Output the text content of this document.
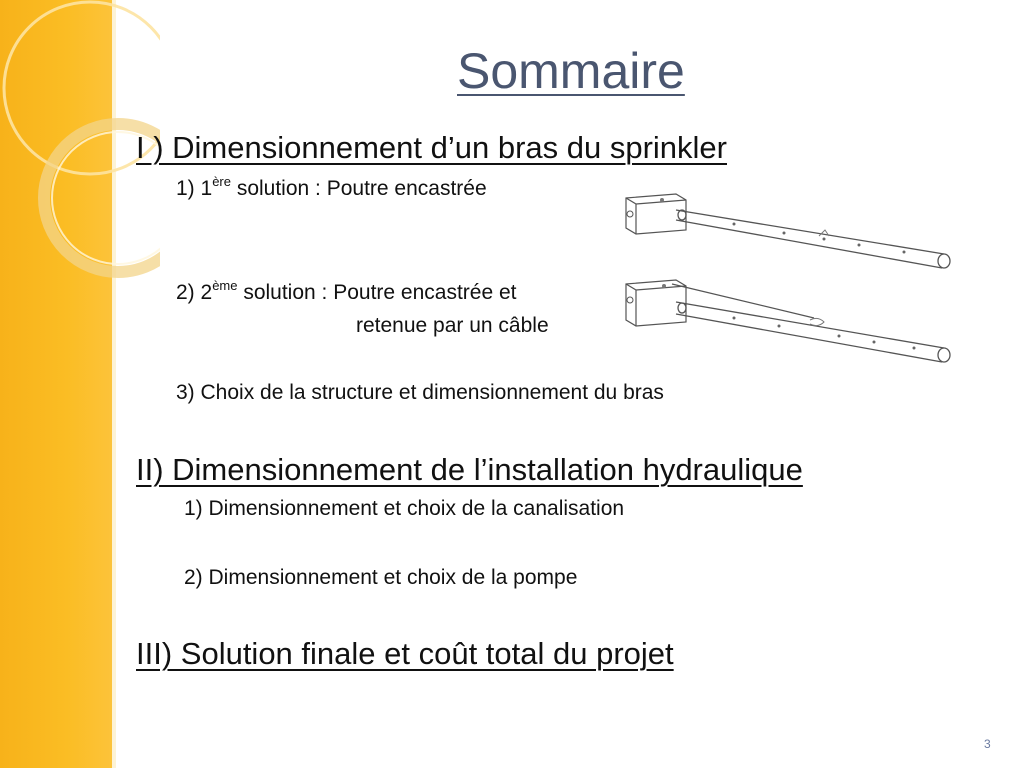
Sommaire
I ) Dimensionnement d’un bras du sprinkler
1) 1ère solution : Poutre encastrée
2) 2ème solution : Poutre encastrée et
retenue par un câble
3) Choix de la structure et dimensionnement du bras
II) Dimensionnement de l’installation hydraulique
1) Dimensionnement et choix de la canalisation
2) Dimensionnement et choix de la pompe
III) Solution finale et coût total du projet
3
